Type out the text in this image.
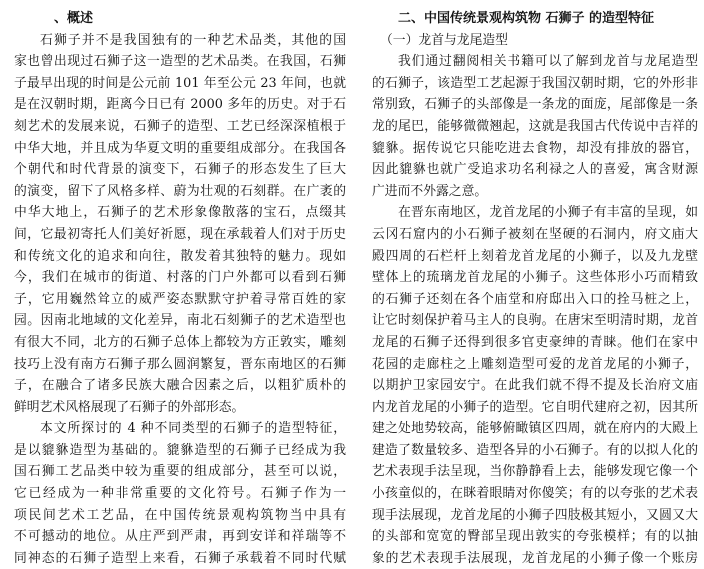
、概述
石狮子并不是我国独有的一种艺术品类，其他的国
家也曾出现过石狮子这一造型的艺术品类。在我国，石狮
子最早出现的时间是公元前 101 年至公元 23 年间，也就
是在汉朝时期，距离今日已有 2000 多年的历史。对于石
刻艺术的发展来说，石狮子的造型、工艺已经深深植根于
中华大地，并且成为华夏文明的重要组成部分。在我国各
个朝代和时代背景的演变下，石狮子的形态发生了巨大
的演变，留下了风格多样、蔚为壮观的石刻群。在广袤的
中华大地上，石狮子的艺术形象像散落的宝石，点缀其
间，它最初寄托人们美好祈愿，现在承载着人们对于历史
和传统文化的追求和向往，散发着其独特的魅力。现如
今，我们在城市的街道、村落的门户外都可以看到石狮
子，它用巍然耸立的威严姿态默默守护着寻常百姓的家
园。因南北地域的文化差异，南北石刻狮子的艺术造型也
有很大不同，北方的石狮子总体上都较为方正敦实，雕刻
技巧上没有南方石狮子那么圆润繁复，晋东南地区的石狮
子，在融合了诸多民族大融合因素之后，以粗犷质朴的
鲜明艺术风格展现了石狮子的外部形态。
本文所探讨的 4 种不同类型的石狮子的造型特征，
是以貔貅造型为基础的。貔貅造型的石狮子已经成为我
国石狮工艺品类中较为重要的组成部分，甚至可以说，
它已经成为一种非常重要的文化符号。石狮子作为一
项民间艺术工艺品，在中国传统景观构筑物当中具有
不可撼动的地位。从庄严到严肃，再到安详和祥瑞等不
同神态的石狮子造型上来看，石狮子承载着不同时代赋
二、中国传统景观构筑物 石狮子 的造型特征
（一）龙首与龙尾造型
我们通过翻阅相关书籍可以了解到龙首与龙尾造型
的石狮子，该造型工艺起源于我国汉朝时期，它的外形非
常别致，石狮子的头部像是一条龙的面庞，尾部像是一条
龙的尾巴，能够微微翘起，这就是我国古代传说中吉祥的
貔貅。据传说它只能吃进去食物，却没有排放的器官，
因此貔貅也就广受追求功名利禄之人的喜爱，寓含财源
广进而不外露之意。
在晋东南地区，龙首龙尾的小狮子有丰富的呈现，如
云冈石窟内的小石狮子被刻在坚硬的石洞内，府文庙大
殿四周的石栏杆上刻着龙首龙尾的小狮子，以及九龙壁
壁体上的琉璃龙首龙尾的小狮子。这些体形小巧而精致
的石狮子还刻在各个庙堂和府邸出入口的拴马桩之上，
让它时刻保护着马主人的良驹。在唐宋至明清时期，龙首
龙尾的石狮子还得到很多官吏豪绅的青睐。他们在家中
花园的走廊柱之上雕刻造型可爱的龙首龙尾的小狮子，
以期护卫家园安宁。在此我们就不得不提及长治府文庙
内龙首龙尾的小狮子的造型。它自明代建府之初，因其所
建之处地势较高，能够俯瞰镇区四周，就在府内的大殿上
建造了数量较多、造型各异的小石狮子。有的以拟人化的
艺术表现手法呈现，当你静静看上去，能够发现它像一个
小孩童似的，在眯着眼睛对你傻笑；有的以夸张的艺术表
现手法展现，龙首龙尾的小狮子四肢极其短小，又圆又大
的头部和宽宽的臀部呈现出敦实的夸张模样；有的以抽
象的艺术表现手法展现，龙首龙尾的小狮子像一个账房
